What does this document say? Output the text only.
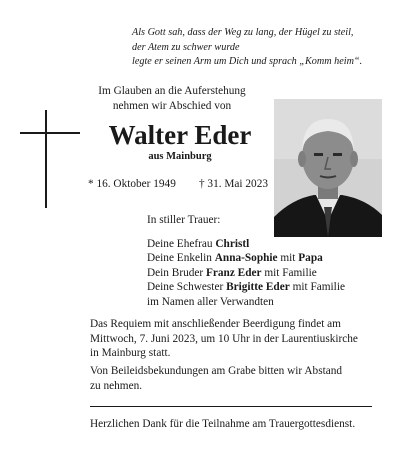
Als Gott sah, dass der Weg zu lang, der Hügel zu steil,
der Atem zu schwer wurde
legte er seinen Arm um Dich und sprach „Komm heim“.
Im Glauben an die Auferstehung
nehmen wir Abschied von
Walter Eder
aus Mainburg
* 16. Oktober 1949 † 31. Mai 2023
In stiller Trauer:
Deine Ehefrau Christl
Deine Enkelin Anna-Sophie mit Papa
Dein Bruder Franz Eder mit Familie
Deine Schwester Brigitte Eder mit Familie
im Namen aller Verwandten
Das Requiem mit anschließender Beerdigung findet am
Mittwoch, 7. Juni 2023, um 10 Uhr in der Laurentiuskirche
in Mainburg statt.
Von Beileidsbekundungen am Grabe bitten wir Abstand
zu nehmen.
Herzlichen Dank für die Teilnahme am Trauergottesdienst.
